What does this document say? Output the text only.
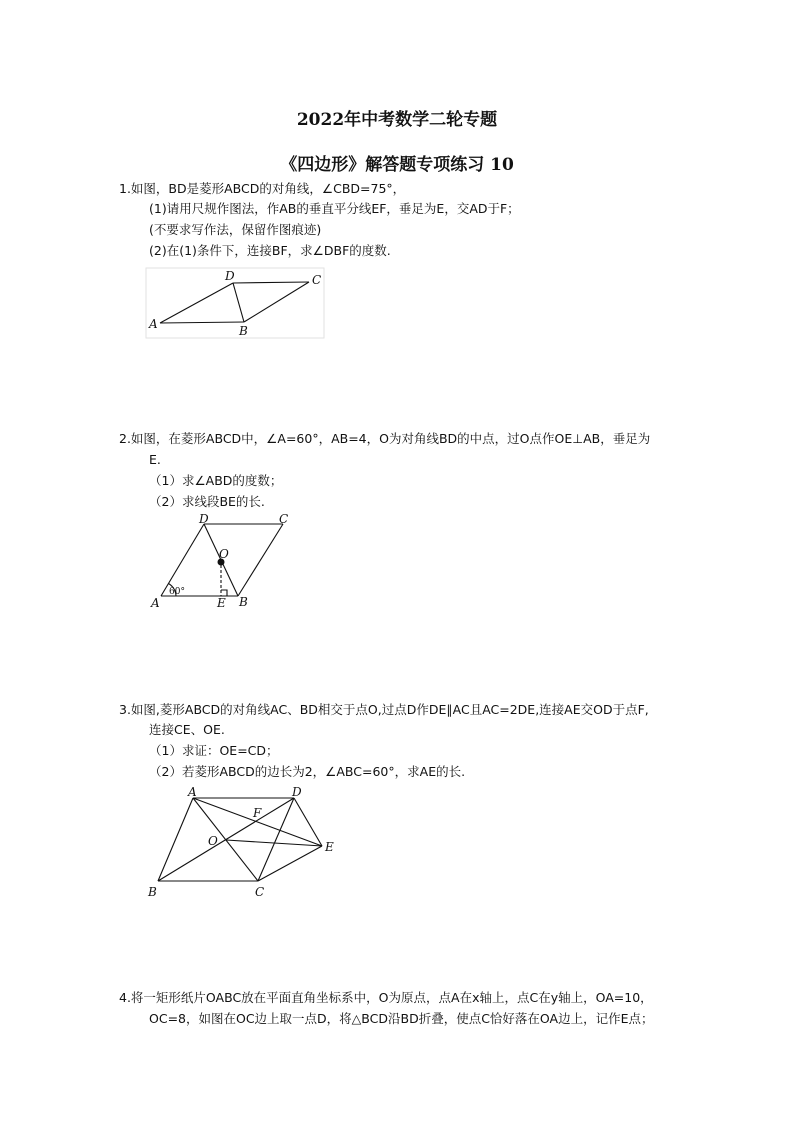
2022年中考数学二轮专题
《四边形》解答题专项练习 10
1.如图，BD是菱形ABCD的对角线，∠CBD=75°，
(1)请用尺规作图法，作AB的垂直平分线EF，垂足为E，交AD于F；
(不要求写作法，保留作图痕迹)
(2)在(1)条件下，连接BF，求∠DBF的度数.
A	B
C
D
2.如图，在菱形ABCD中，∠A=60°，AB=4，O为对角线BD的中点，过O点作OE⊥AB，垂足为
E.
（1）求∠ABD的度数；
（2）求线段BE的长.
A	B
C
D
O
E
60°
3.如图,菱形ABCD的对角线AC、BD相交于点O,过点D作DE∥AC且AC=2DE,连接AE交OD于点F,
连接CE、OE.
（1）求证：OE=CD；
（2）若菱形ABCD的边长为2，∠ABC=60°，求AE的长.
A
B	C
D
E
O
F
4.将一矩形纸片OABC放在平面直角坐标系中，O为原点，点A在x轴上，点C在y轴上，OA=10，
OC=8，如图在OC边上取一点D，将△BCD沿BD折叠，使点C恰好落在OA边上，记作E点；
